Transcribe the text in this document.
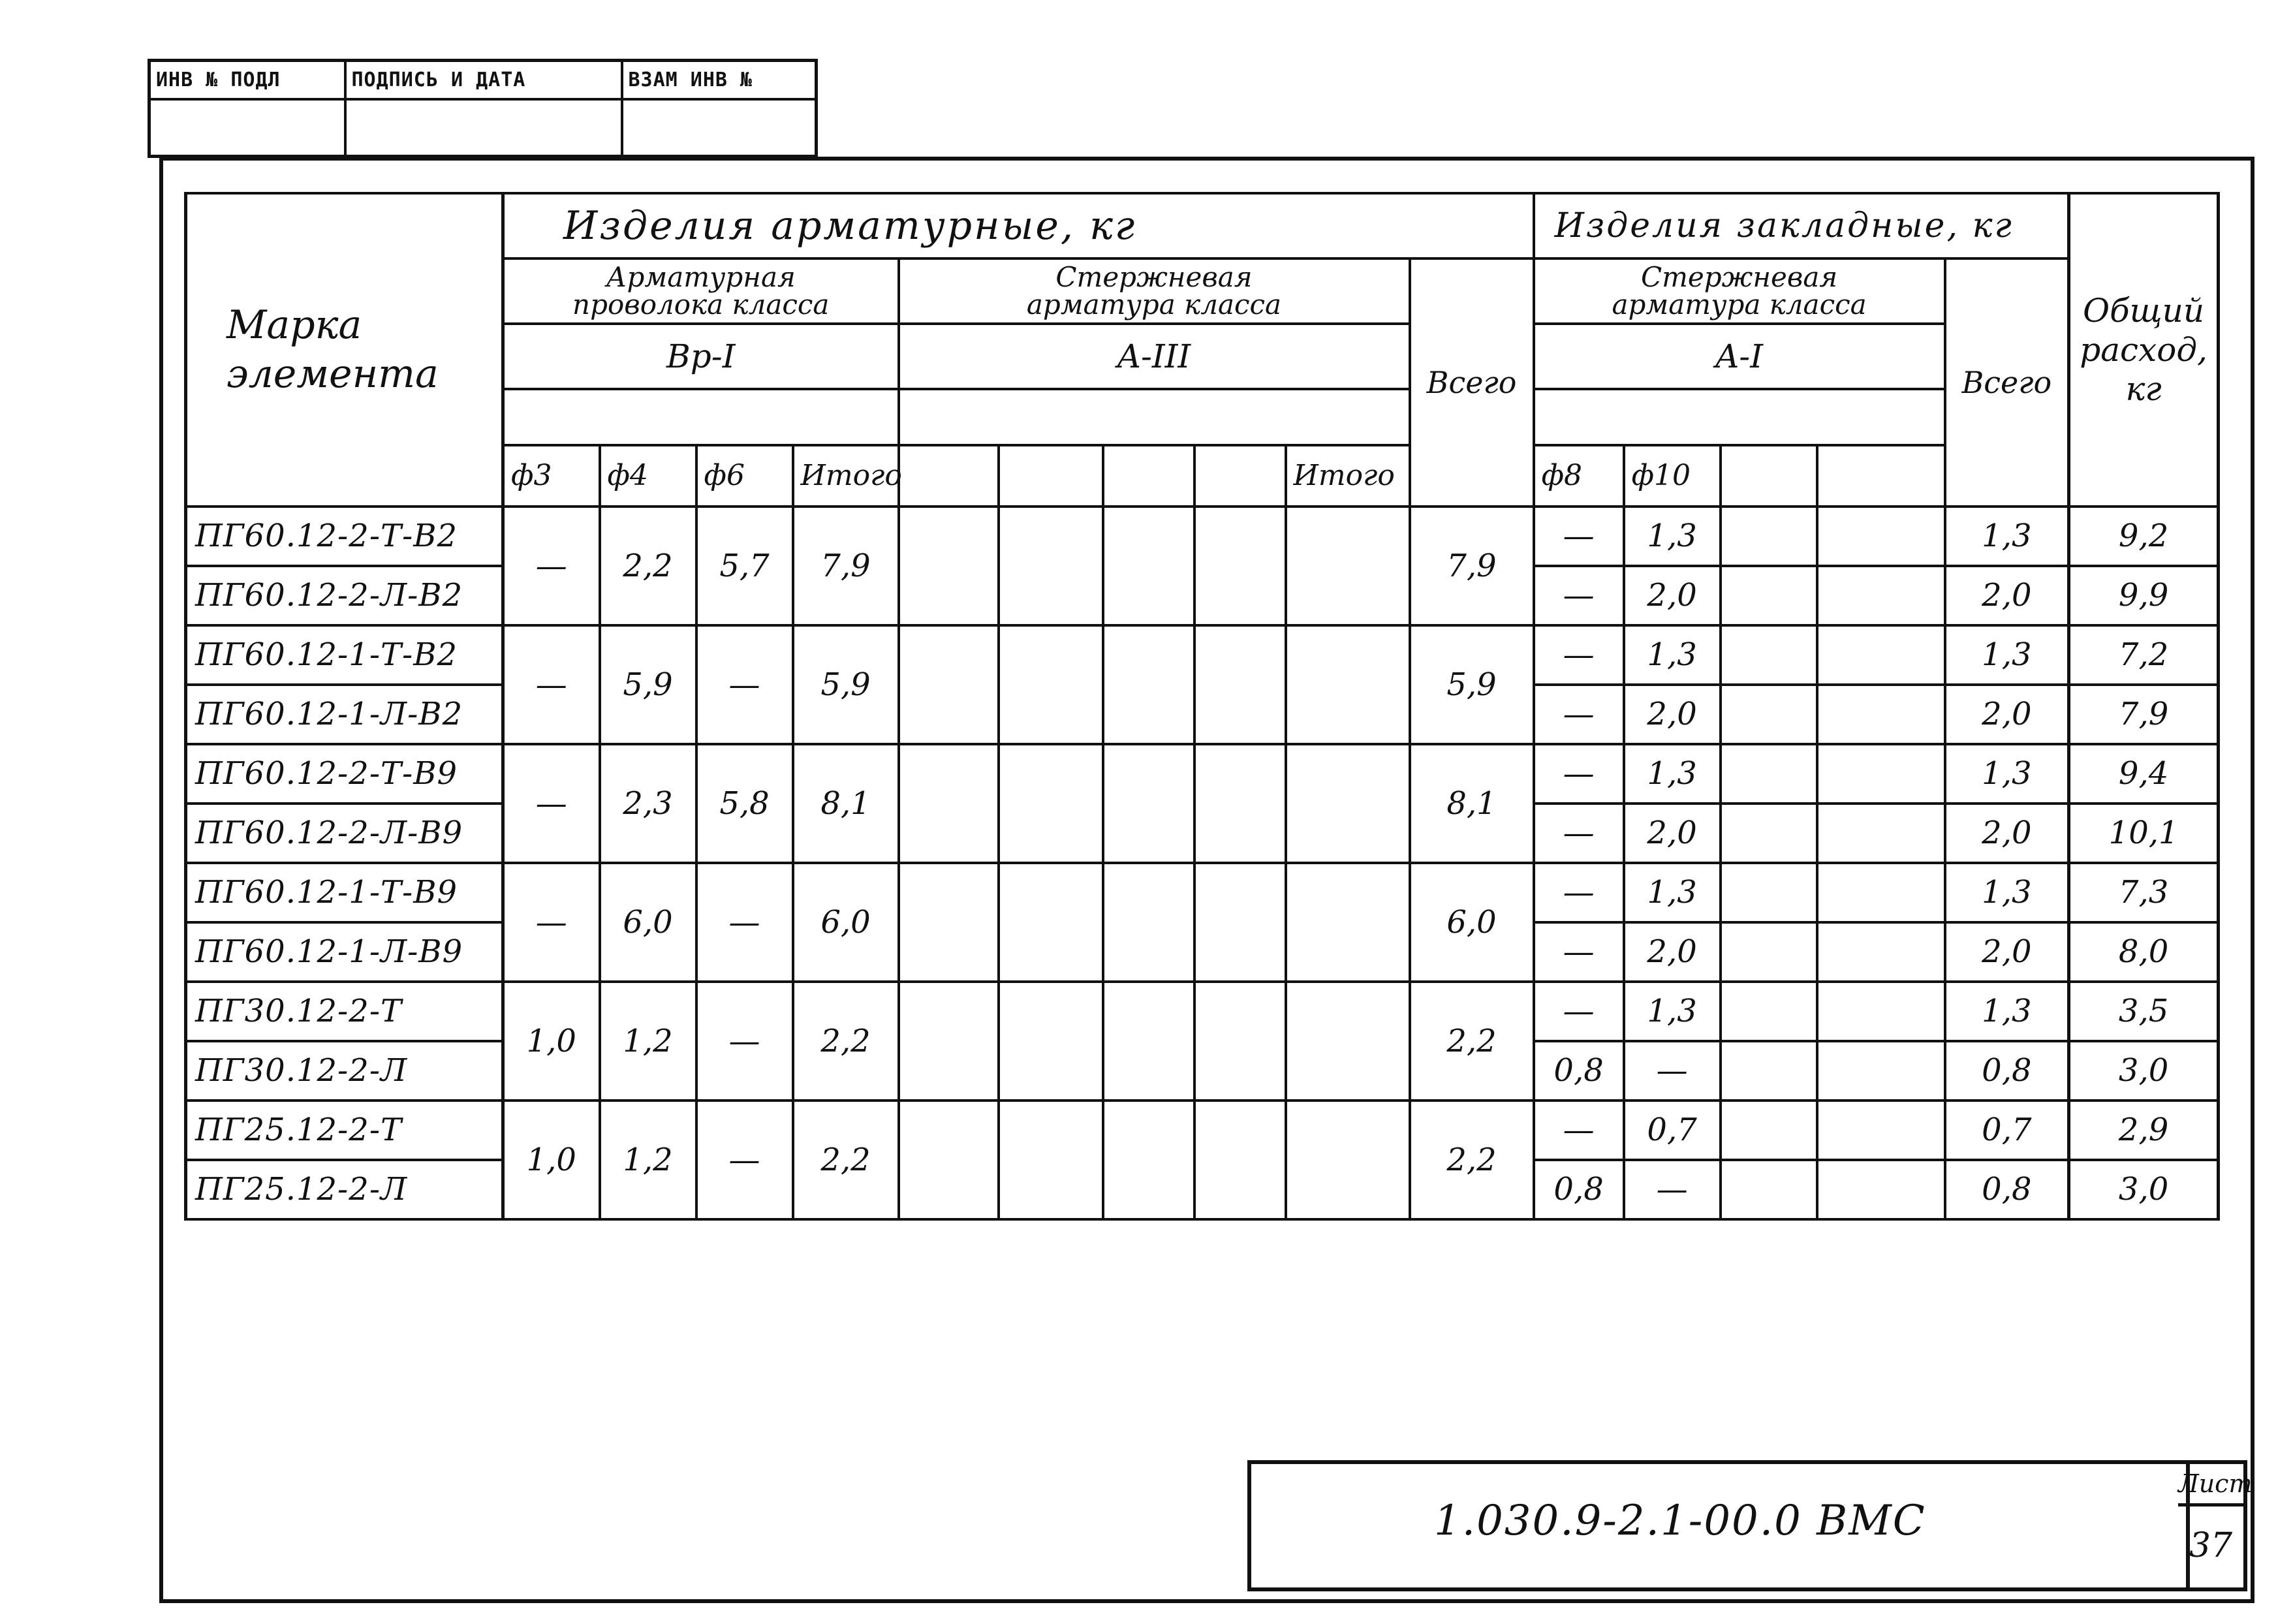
ИНВ № ПОДЛ	ПОДПИСЬ И ДАТА	ВЗАМ ИНВ №

Марка
элемента	Изделия арматурные, кг										Изделия закладные, кг					Общий
расход,
кг

	Арматурная
проволока класса				Стержневая
арматура класса					Всего	Стержневая
арматура класса				Всего	
	Вр-I				A-III						A-I					

	ф3	ф4	ф6	Итого					Итого		ф8	ф10				
ПГ60.12-2-Т-В2	—	2,2	5,7	7,9						7,9	—	1,3			1,3	9,2
ПГ60.12-2-Л-В2											—	2,0			2,0	9,9
ПГ60.12-1-Т-В2	—	5,9	—	5,9						5,9	—	1,3			1,3	7,2
ПГ60.12-1-Л-В2											—	2,0			2,0	7,9
ПГ60.12-2-Т-В9	—	2,3	5,8	8,1						8,1	—	1,3			1,3	9,4
ПГ60.12-2-Л-В9											—	2,0			2,0	10,1
ПГ60.12-1-Т-В9	—	6,0	—	6,0						6,0	—	1,3			1,3	7,3
ПГ60.12-1-Л-В9											—	2,0			2,0	8,0
ПГ30.12-2-Т	1,0	1,2	—	2,2						2,2	—	1,3			1,3	3,5
ПГ30.12-2-Л											0,8	—			0,8	3,0
ПГ25.12-2-Т	1,0	1,2	—	2,2						2,2	—	0,7			0,7	2,9
ПГ25.12-2-Л											0,8	—			0,8	3,0
1.030.9-2.1-00.0 ВМС
Лист
37
